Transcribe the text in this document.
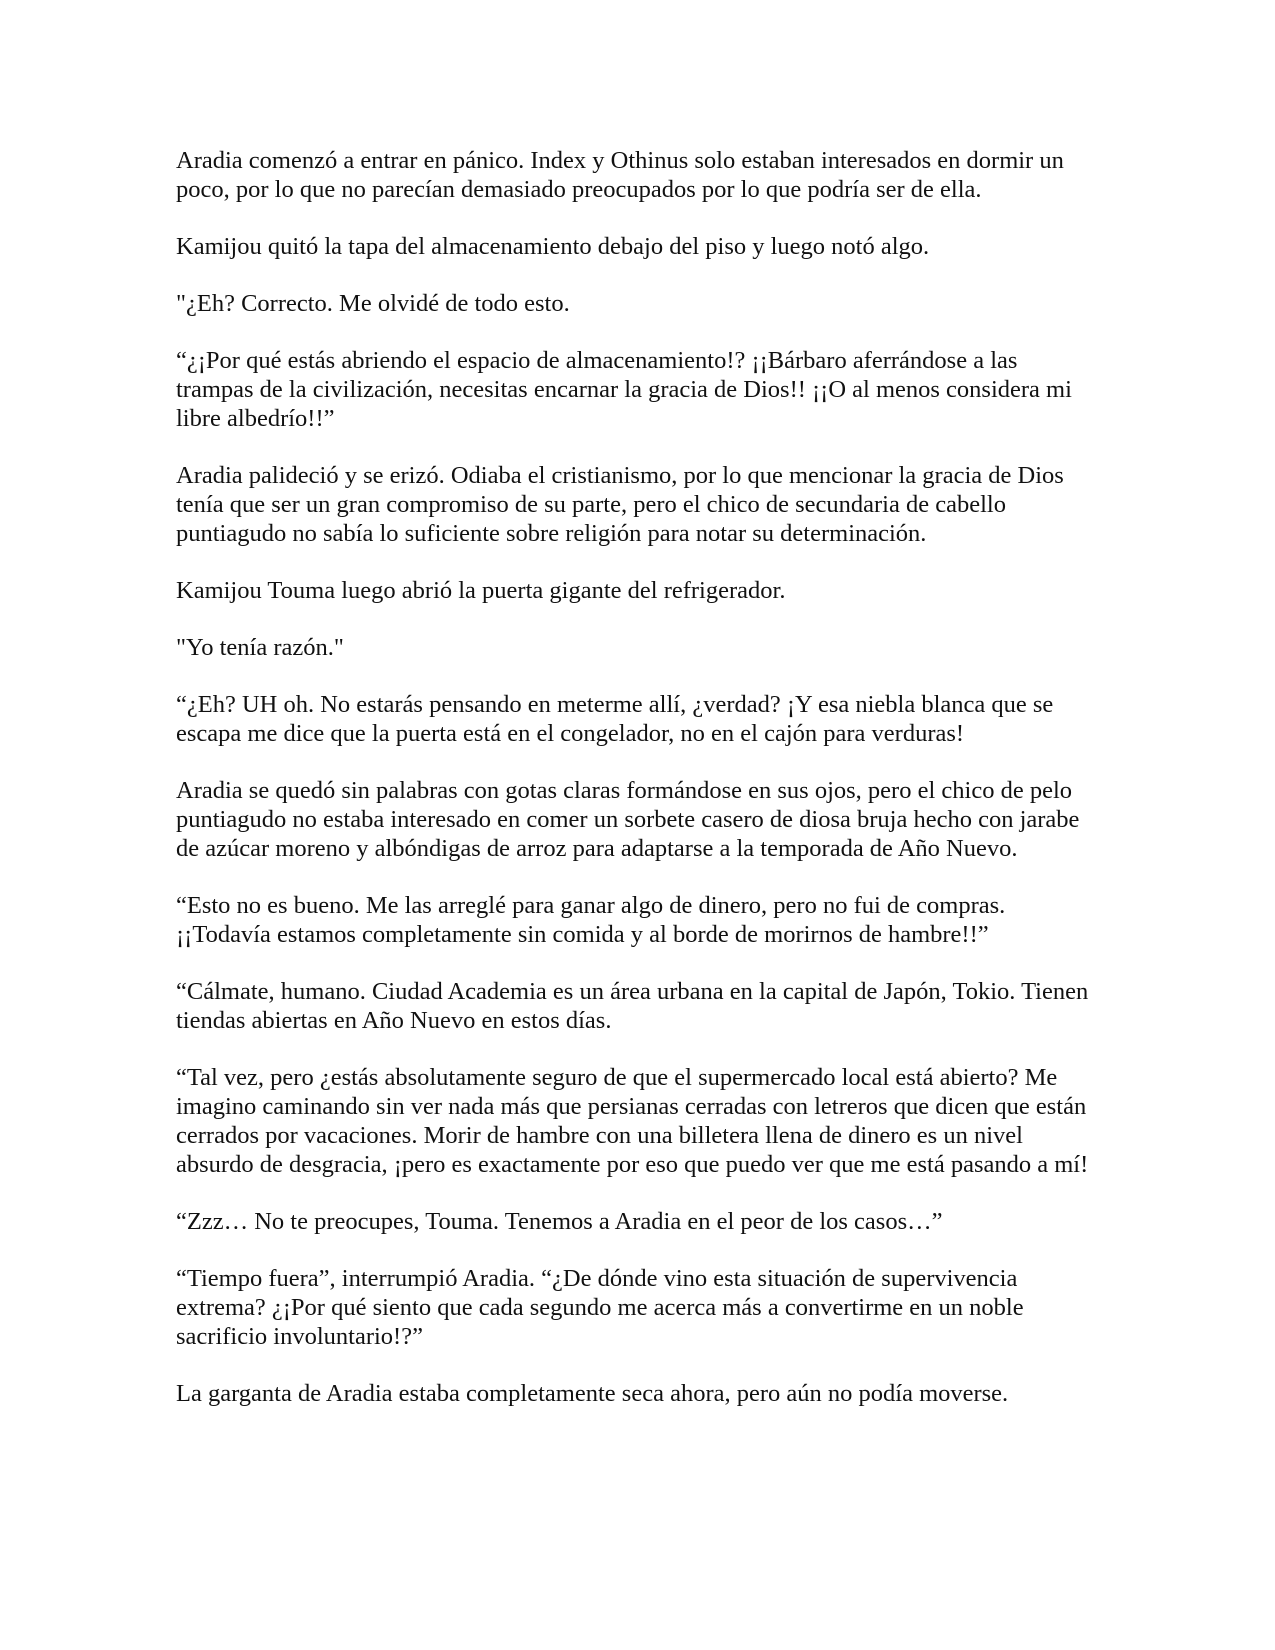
Aradia comenzó a entrar en pánico. Index y Othinus solo estaban interesados en dormir un poco, por lo que no parecían demasiado preocupados por lo que podría ser de ella.

Kamijou quitó la tapa del almacenamiento debajo del piso y luego notó algo.

"¿Eh? Correcto. Me olvidé de todo esto.

“¿¡Por qué estás abriendo el espacio de almacenamiento!? ¡¡Bárbaro aferrándose a las trampas de la civilización, necesitas encarnar la gracia de Dios!! ¡¡O al menos considera mi libre albedrío!!”

Aradia palideció y se erizó. Odiaba el cristianismo, por lo que mencionar la gracia de Dios tenía que ser un gran compromiso de su parte, pero el chico de secundaria de cabello puntiagudo no sabía lo suficiente sobre religión para notar su determinación.

Kamijou Touma luego abrió la puerta gigante del refrigerador.

"Yo tenía razón."

“¿Eh? UH oh. No estarás pensando en meterme allí, ¿verdad? ¡Y esa niebla blanca que se escapa me dice que la puerta está en el congelador, no en el cajón para verduras!

Aradia se quedó sin palabras con gotas claras formándose en sus ojos, pero el chico de pelo puntiagudo no estaba interesado en comer un sorbete casero de diosa bruja hecho con jarabe de azúcar moreno y albóndigas de arroz para adaptarse a la temporada de Año Nuevo.

“Esto no es bueno. Me las arreglé para ganar algo de dinero, pero no fui de compras. ¡¡Todavía estamos completamente sin comida y al borde de morirnos de hambre!!”

“Cálmate, humano. Ciudad Academia es un área urbana en la capital de Japón, Tokio. Tienen tiendas abiertas en Año Nuevo en estos días.

“Tal vez, pero ¿estás absolutamente seguro de que el supermercado local está abierto? Me imagino caminando sin ver nada más que persianas cerradas con letreros que dicen que están cerrados por vacaciones. Morir de hambre con una billetera llena de dinero es un nivel absurdo de desgracia, ¡pero es exactamente por eso que puedo ver que me está pasando a mí!

“Zzz… No te preocupes, Touma. Tenemos a Aradia en el peor de los casos…”

“Tiempo fuera”, interrumpió Aradia. “¿De dónde vino esta situación de supervivencia extrema? ¿¡Por qué siento que cada segundo me acerca más a convertirme en un noble sacrificio involuntario!?”

La garganta de Aradia estaba completamente seca ahora, pero aún no podía moverse.
